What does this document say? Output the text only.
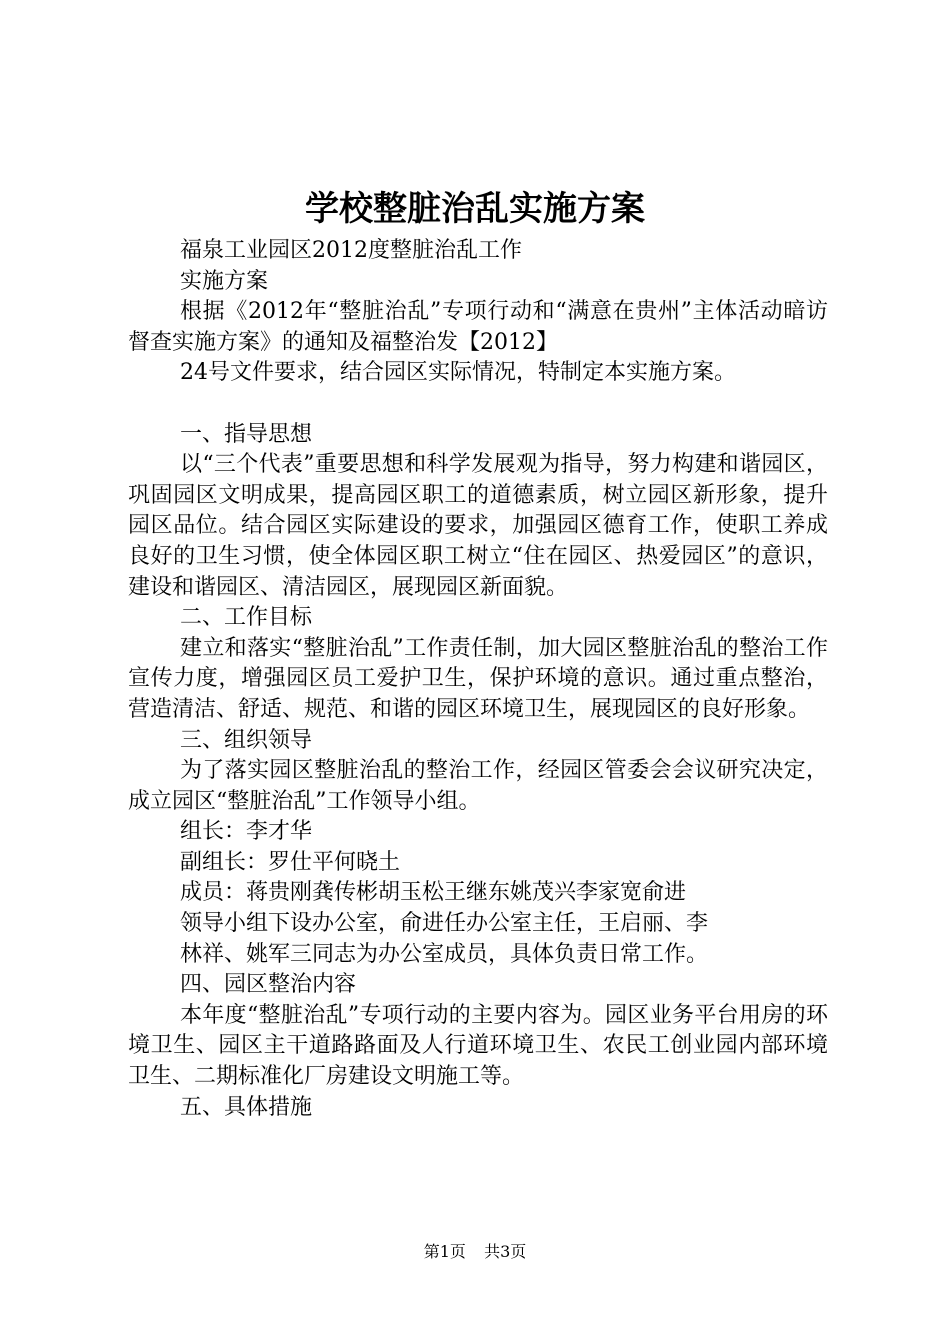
学校整脏治乱实施方案

福泉工业园区2012度整脏治乱工作

实施方案

根据《2012年“整脏治乱”专项行动和“满意在贵州”主体活动暗访督查实施方案》的通知及福整治发【2012】

24号文件要求，结合园区实际情况，特制定本实施方案。

一、指导思想

以“三个代表”重要思想和科学发展观为指导，努力构建和谐园区，巩固园区文明成果，提高园区职工的道德素质，树立园区新形象，提升园区品位。结合园区实际建设的要求，加强园区德育工作，使职工养成良好的卫生习惯，使全体园区职工树立“住在园区、热爱园区”的意识，建设和谐园区、清洁园区，展现园区新面貌。

二、工作目标

建立和落实“整脏治乱”工作责任制，加大园区整脏治乱的整治工作宣传力度，增强园区员工爱护卫生，保护环境的意识。通过重点整治，营造清洁、舒适、规范、和谐的园区环境卫生，展现园区的良好形象。

三、组织领导

为了落实园区整脏治乱的整治工作，经园区管委会会议研究决定，成立园区“整脏治乱”工作领导小组。

组长：李才华

副组长：罗仕平何晓土

成员：蒋贵刚龚传彬胡玉松王继东姚茂兴李家宽俞进

领导小组下设办公室，俞进任办公室主任，王启丽、李

林祥、姚军三同志为办公室成员，具体负责日常工作。

四、园区整治内容

本年度“整脏治乱”专项行动的主要内容为。园区业务平台用房的环境卫生、园区主干道路路面及人行道环境卫生、农民工创业园内部环境卫生、二期标准化厂房建设文明施工等。

五、具体措施

第1页 共3页
